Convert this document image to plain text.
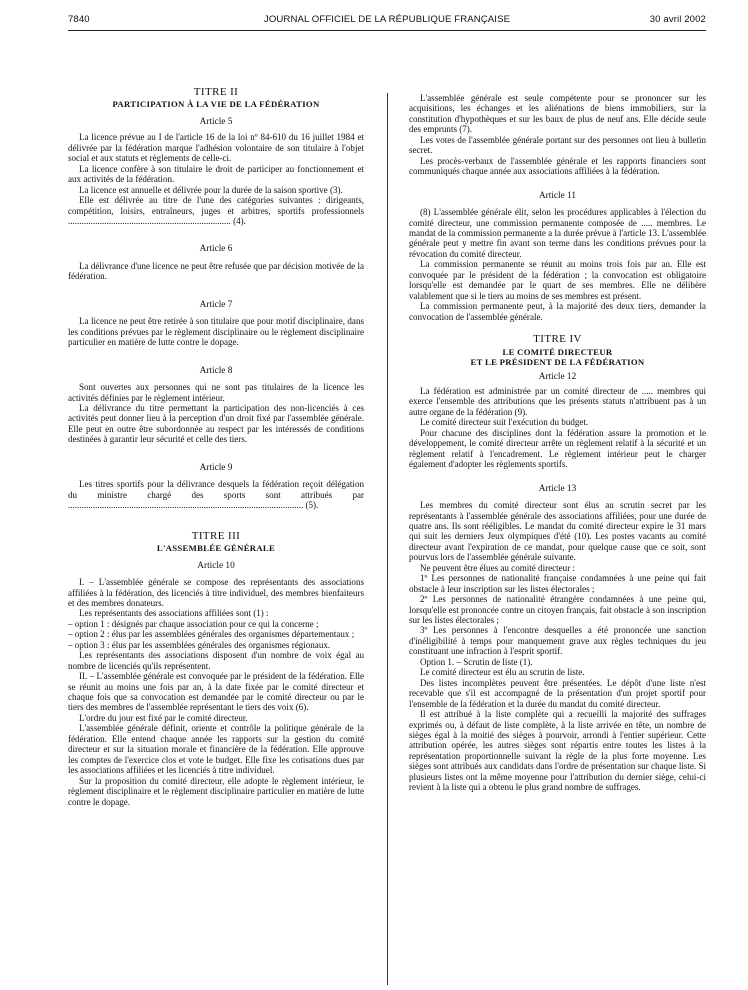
7840	JOURNAL OFFICIEL DE LA RÉPUBLIQUE FRANÇAISE	30 avril 2002
TITRE II
PARTICIPATION À LA VIE DE LA FÉDÉRATION
Article 5

La licence prévue au I de l'article 16 de la loi nº 84-610 du 16 juillet 1984 et délivrée par la fédération marque l'adhésion volontaire de son titulaire à l'objet social et aux statuts et règlements de celle-ci.

La licence confère à son titulaire le droit de participer au fonctionnement et aux activités de la fédération.

La licence est annuelle et délivrée pour la durée de la saison sportive (3).

Elle est délivrée au titre de l'une des catégories suivantes : dirigeants, compétition, loisirs, entraîneurs, juges et arbitres, sportifs professionnels ........................................................................ (4).

Article 6

La délivrance d'une licence ne peut être refusée que par décision motivée de la fédération.

Article 7

La licence ne peut être retirée à son titulaire que pour motif disciplinaire, dans les conditions prévues par le règlement disciplinaire ou le règlement disciplinaire particulier en matière de lutte contre le dopage.

Article 8

Sont ouvertes aux personnes qui ne sont pas titulaires de la licence les activités définies par le règlement intérieur.

La délivrance du titre permettant la participation des non-licenciés à ces activités peut donner lieu à la perception d'un droit fixé par l'assemblée générale. Elle peut en outre être subordonnée au respect par les intéressés de conditions destinées à garantir leur sécurité et celle des tiers.

Article 9

Les titres sportifs pour la délivrance desquels la fédération reçoit délégation du ministre chargé des sports sont attribués par ........................................................................................................ (5).

TITRE III
L'ASSEMBLÉE GÉNÉRALE
Article 10

I. – L'assemblée générale se compose des représentants des associations affiliées à la fédération, des licenciés à titre individuel, des membres bienfaiteurs et des membres donateurs.

Les représentants des associations affiliées sont (1) :

– option 1 : désignés par chaque association pour ce qui la concerne ;

– option 2 : élus par les assemblées générales des organismes départementaux ;

– option 3 : élus par les assemblées générales des organismes régionaux.

Les représentants des associations disposent d'un nombre de voix égal au nombre de licenciés qu'ils représentent.

II. – L'assemblée générale est convoquée par le président de la fédération. Elle se réunit au moins une fois par an, à la date fixée par le comité directeur et chaque fois que sa convocation est demandée par le comité directeur ou par le tiers des membres de l'assemblée représentant le tiers des voix (6).

L'ordre du jour est fixé par le comité directeur.

L'assemblée générale définit, oriente et contrôle la politique générale de la fédération. Elle entend chaque année les rapports sur la gestion du comité directeur et sur la situation morale et financière de la fédération. Elle approuve les comptes de l'exercice clos et vote le budget. Elle fixe les cotisations dues par les associations affiliées et les licenciés à titre individuel.

Sur la proposition du comité directeur, elle adopte le règlement intérieur, le règlement disciplinaire et le règlement disciplinaire particulier en matière de lutte contre le dopage.

L'assemblée générale est seule compétente pour se prononcer sur les acquisitions, les échanges et les aliénations de biens immobiliers, sur la constitution d'hypothèques et sur les baux de plus de neuf ans. Elle décide seule des emprunts (7).

Les votes de l'assemblée générale portant sur des personnes ont lieu à bulletin secret.

Les procès-verbaux de l'assemblée générale et les rapports financiers sont communiqués chaque année aux associations affiliées à la fédération.

Article 11

(8) L'assemblée générale élit, selon les procédures applicables à l'élection du comité directeur, une commission permanente composée de ..... membres. Le mandat de la commission permanente a la durée prévue à l'article 13. L'assemblée générale peut y mettre fin avant son terme dans les conditions prévues pour la révocation du comité directeur.

La commission permanente se réunit au moins trois fois par an. Elle est convoquée par le président de la fédération ; la convocation est obligatoire lorsqu'elle est demandée par le quart de ses membres. Elle ne délibère valablement que si le tiers au moins de ses membres est présent.

La commission permanente peut, à la majorité des deux tiers, demander la convocation de l'assemblée générale.

TITRE IV
LE COMITÉ DIRECTEUR
ET LE PRÉSIDENT DE LA FÉDÉRATION
Article 12

La fédération est administrée par un comité directeur de ..... membres qui exerce l'ensemble des attributions que les présents statuts n'attribuent pas à un autre organe de la fédération (9).

Le comité directeur suit l'exécution du budget.

Pour chacune des disciplines dont la fédération assure la promotion et le développement, le comité directeur arrête un règlement relatif à la sécurité et un règlement relatif à l'encadrement. Le règlement intérieur peut le charger également d'adopter les règlements sportifs.

Article 13

Les membres du comité directeur sont élus au scrutin secret par les représentants à l'assemblée générale des associations affiliées, pour une durée de quatre ans. Ils sont rééligibles. Le mandat du comité directeur expire le 31 mars qui suit les derniers Jeux olympiques d'été (10). Les postes vacants au comité directeur avant l'expiration de ce mandat, pour quelque cause que ce soit, sont pourvus lors de l'assemblée générale suivante.

Ne peuvent être élues au comité directeur :

1º Les personnes de nationalité française condamnées à une peine qui fait obstacle à leur inscription sur les listes électorales ;

2º Les personnes de nationalité étrangère condamnées à une peine qui, lorsqu'elle est prononcée contre un citoyen français, fait obstacle à son inscription sur les listes électorales ;

3º Les personnes à l'encontre desquelles a été prononcée une sanction d'inéligibilité à temps pour manquement grave aux règles techniques du jeu constituant une infraction à l'esprit sportif.

Option 1. – Scrutin de liste (1).

Le comité directeur est élu au scrutin de liste.

Des listes incomplètes peuvent être présentées. Le dépôt d'une liste n'est recevable que s'il est accompagné de la présentation d'un projet sportif pour l'ensemble de la fédération et la durée du mandat du comité directeur.

Il est attribué à la liste complète qui a recueilli la majorité des suffrages exprimés ou, à défaut de liste complète, à la liste arrivée en tête, un nombre de sièges égal à la moitié des sièges à pourvoir, arrondi à l'entier supérieur. Cette attribution opérée, les autres sièges sont répartis entre toutes les listes à la représentation proportionnelle suivant la règle de la plus forte moyenne. Les sièges sont attribués aux candidats dans l'ordre de présentation sur chaque liste. Si plusieurs listes ont la même moyenne pour l'attribution du dernier siège, celui-ci revient à la liste qui a obtenu le plus grand nombre de suffrages.
